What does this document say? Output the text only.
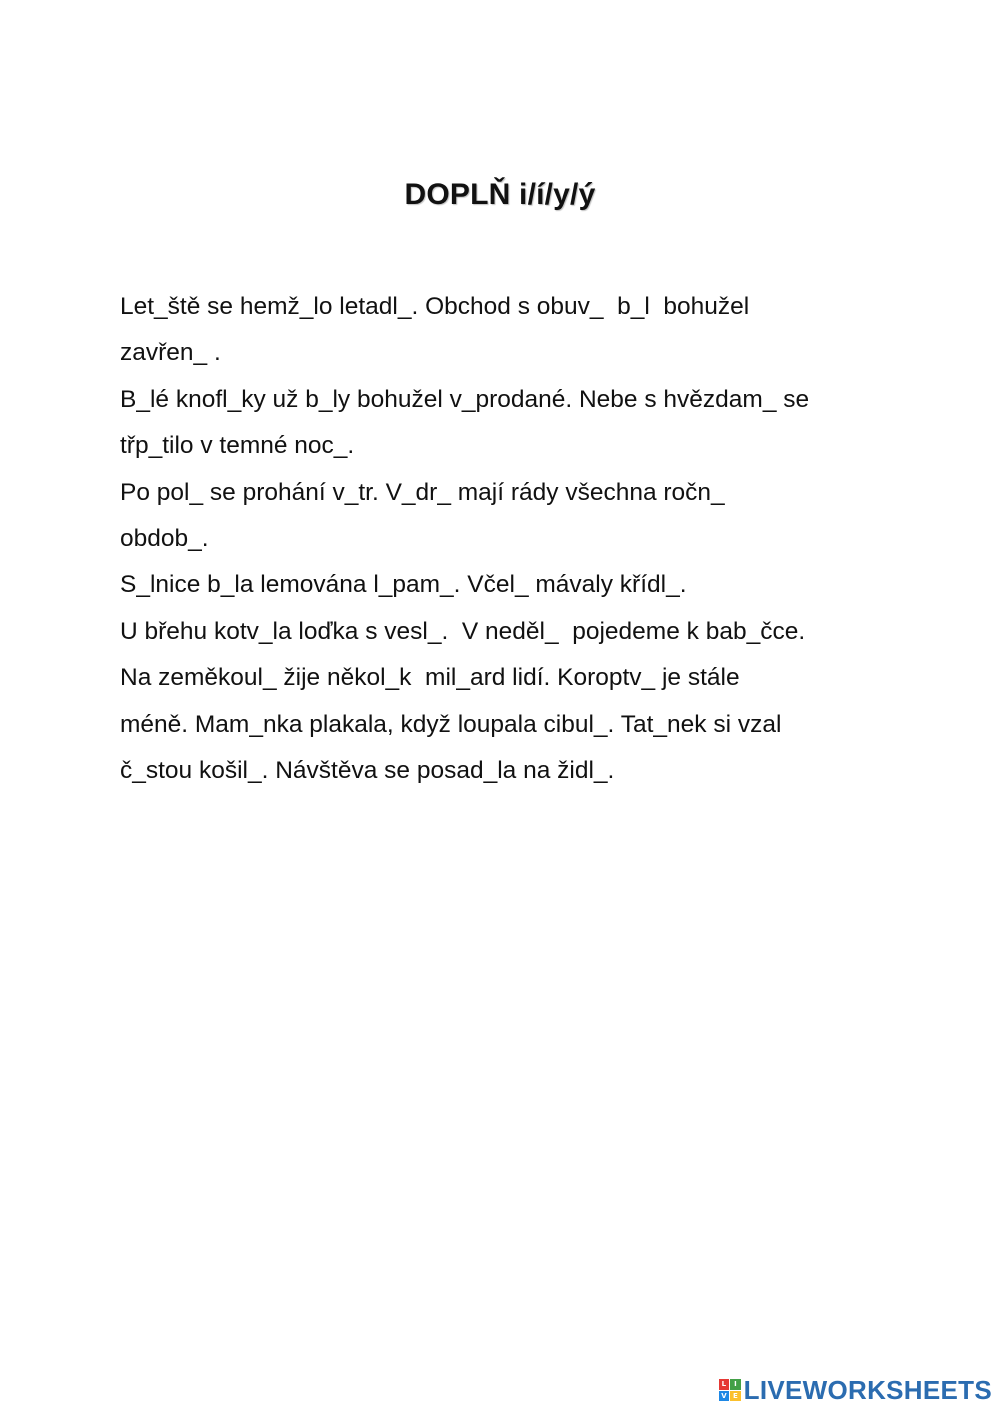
DOPLŇ i/í/y/ý
Let_ště se hemž_lo letadl_. Obchod s obuv_  b_l  bohužel
zavřen_ .
B_lé knofl_ky už b_ly bohužel v_prodané. Nebe s hvězdam_ se
třp_tilo v temné noc_.
Po pol_ se prohání v_tr. V_dr_ mají rády všechna ročn_
obdob_.
S_lnice b_la lemována l_pam_. Včel_ mávaly křídl_.
U břehu kotv_la loďka s vesl_.  V neděl_  pojedeme k bab_čce.
Na zeměkoul_ žije někol_k  mil_ard lidí. Koroptv_ je stále
méně. Mam_nka plakala, když loupala cibul_. Tat_nek si vzal
č_stou košil_. Návštěva se posad_la na židl_.
L	I
V E LIVEWORKSHEETS
